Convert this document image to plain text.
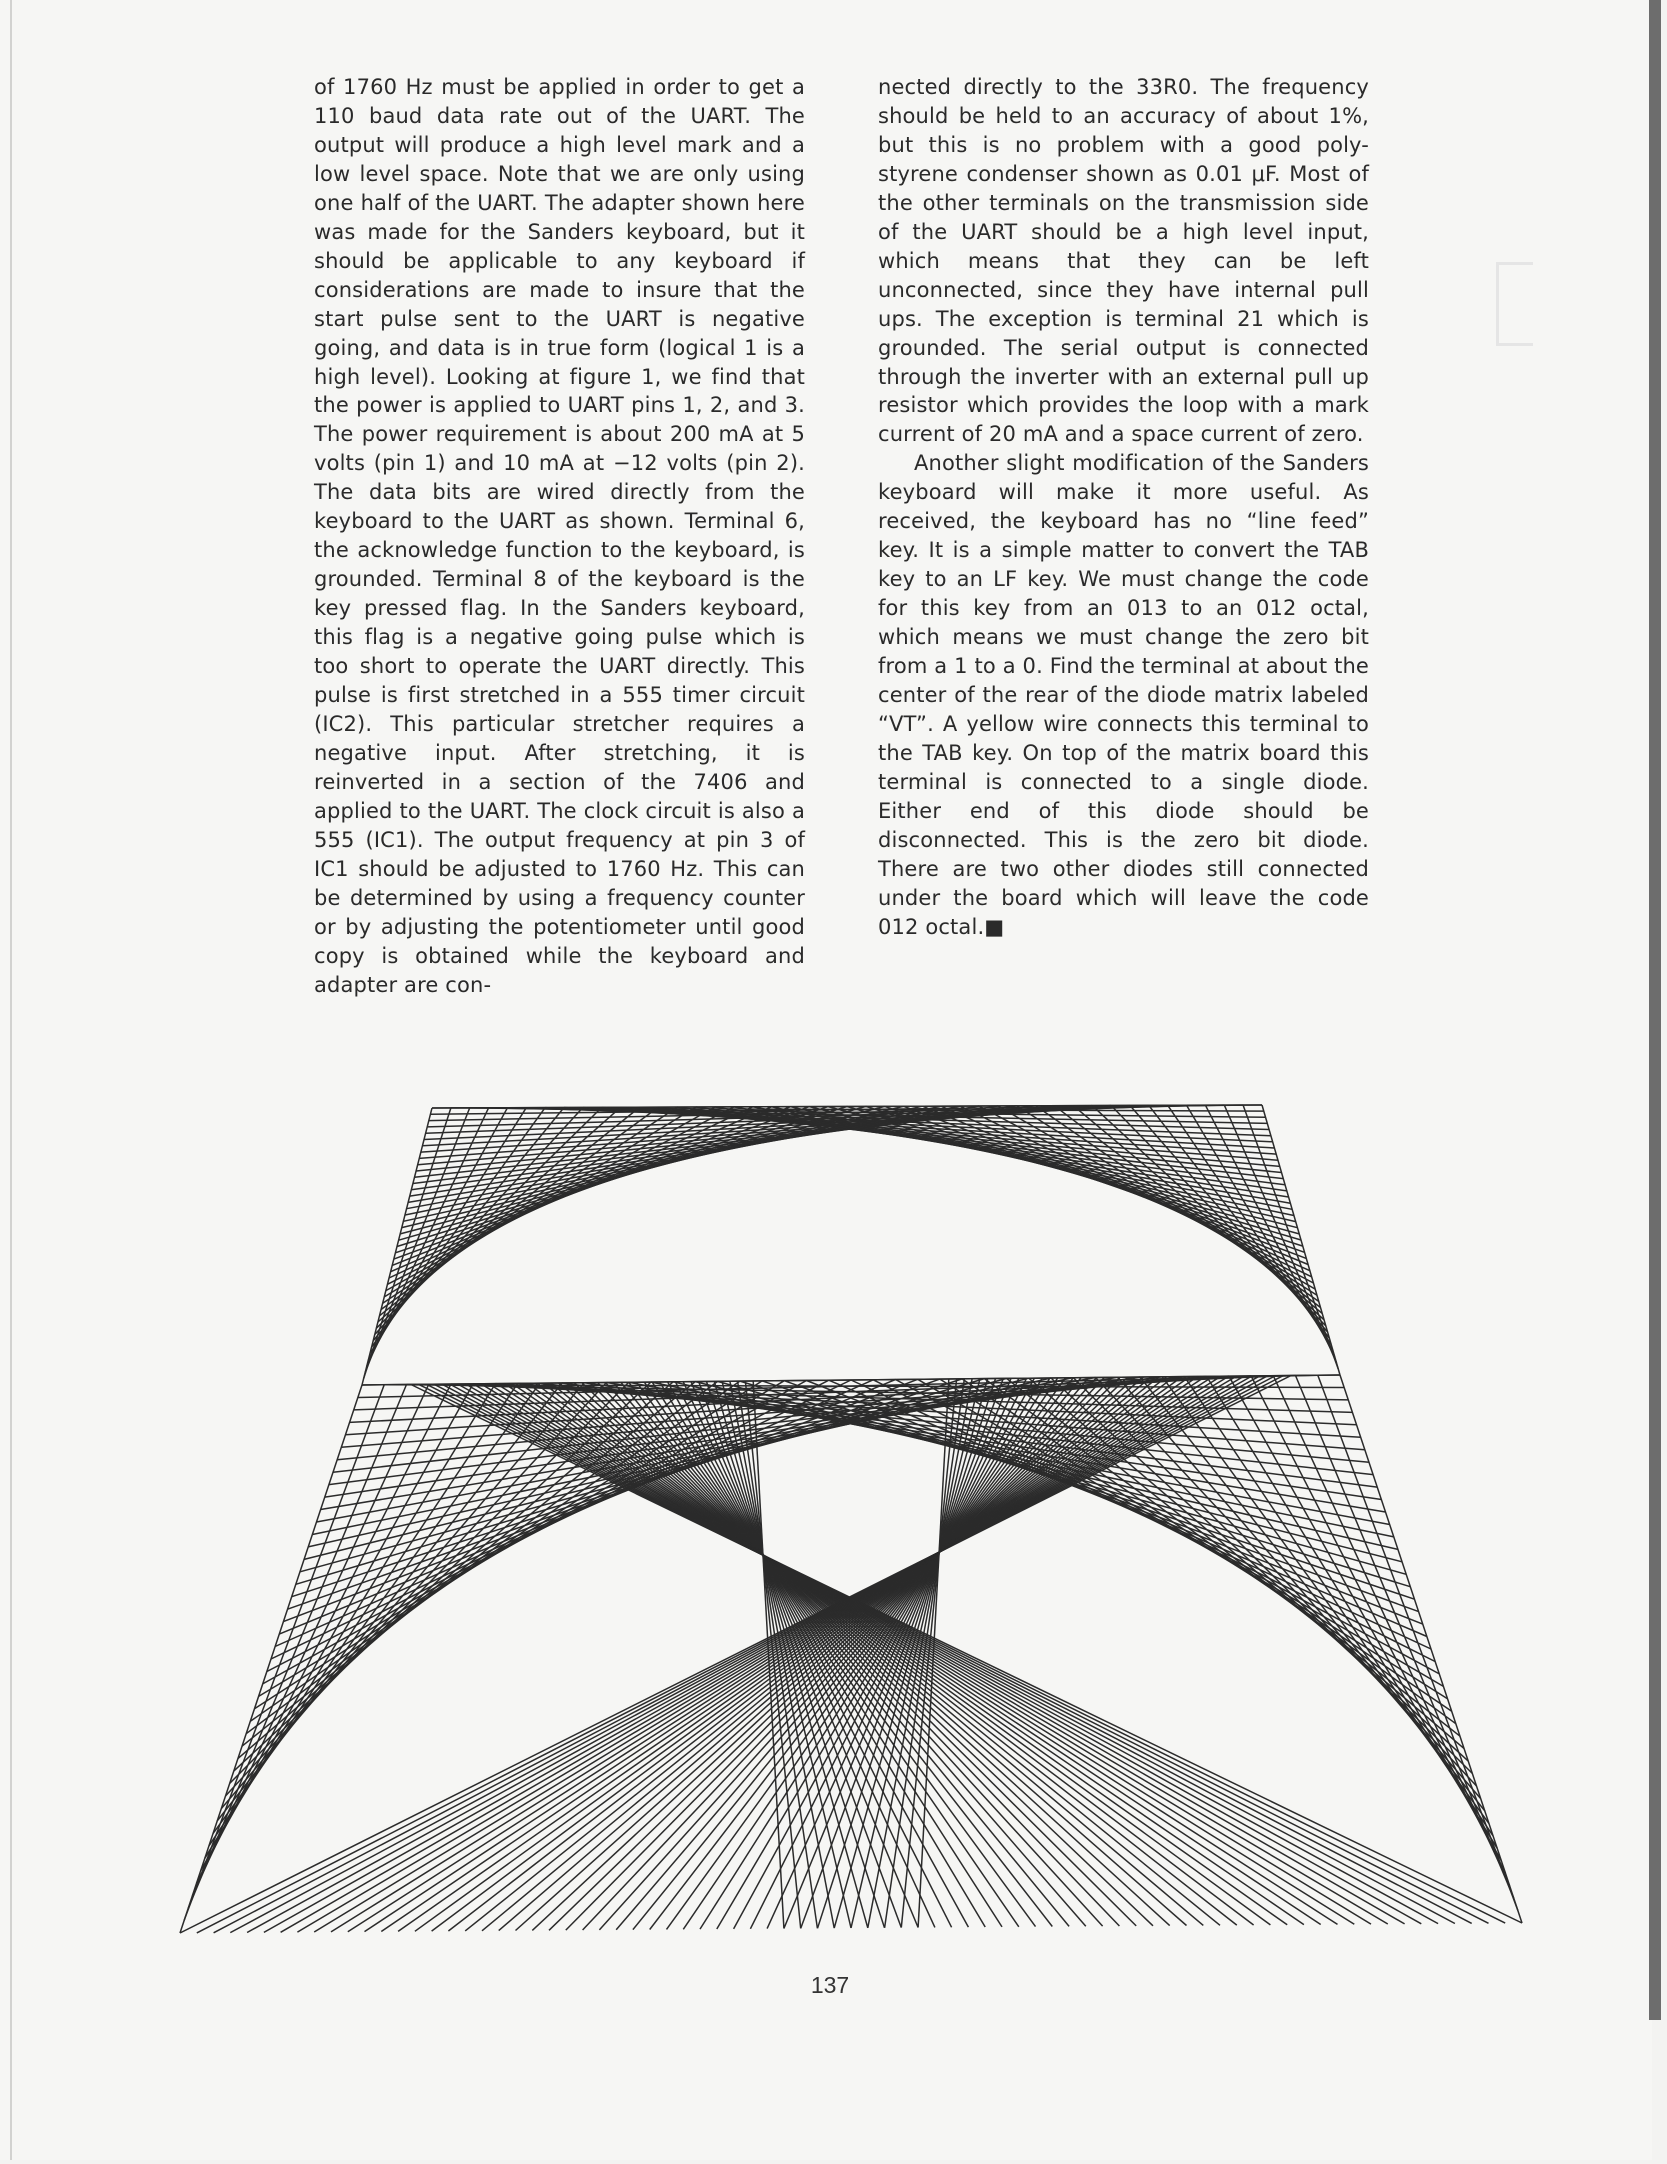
of 1760 Hz must be applied in order to get a 110 baud data rate out of the UART. The output will produce a high level mark and a low level space. Note that we are only using one half of the UART. The adapter shown here was made for the Sanders keyboard, but it should be applicable to any keyboard if considerations are made to insure that the start pulse sent to the UART is negative going, and data is in true form (logical 1 is a high level). Looking at figure 1, we find that the power is applied to UART pins 1, 2, and 3. The power requirement is about 200 mA at 5 volts (pin 1) and 10 mA at −12 volts (pin 2). The data bits are wired directly from the keyboard to the UART as shown. Terminal 6, the acknowledge function to the keyboard, is grounded. Terminal 8 of the keyboard is the key pressed flag. In the Sanders keyboard, this flag is a negative going pulse which is too short to operate the UART directly. This pulse is first stretched in a 555 timer circuit (IC2). This particular stretcher requires a negative input. After stretching, it is reinverted in a section of the 7406 and applied to the UART. The clock circuit is also a 555 (IC1). The output frequency at pin 3 of IC1 should be adjusted to 1760 Hz. This can be determined by using a frequency counter or by adjusting the potentiometer until good copy is obtained while the keyboard and adapter are con-

nected directly to the 33R0. The frequency should be held to an accuracy of about 1%, but this is no problem with a good poly-styrene condenser shown as 0.01 μF. Most of the other terminals on the transmission side of the UART should be a high level input, which means that they can be left unconnected, since they have internal pull ups. The exception is terminal 21 which is grounded. The serial output is connected through the inverter with an external pull up resistor which provides the loop with a mark current of 20 mA and a space current of zero.

Another slight modification of the Sanders keyboard will make it more useful. As received, the keyboard has no “line feed” key. It is a simple matter to convert the TAB key to an LF key. We must change the code for this key from an 013 to an 012 octal, which means we must change the zero bit from a 1 to a 0. Find the terminal at about the center of the rear of the diode matrix labeled “VT”. A yellow wire connects this terminal to the TAB key. On top of the matrix board this terminal is connected to a single diode. Either end of this diode should be disconnected. This is the zero bit diode. There are two other diodes still connected under the board which will leave the code 012 octal.■

137
